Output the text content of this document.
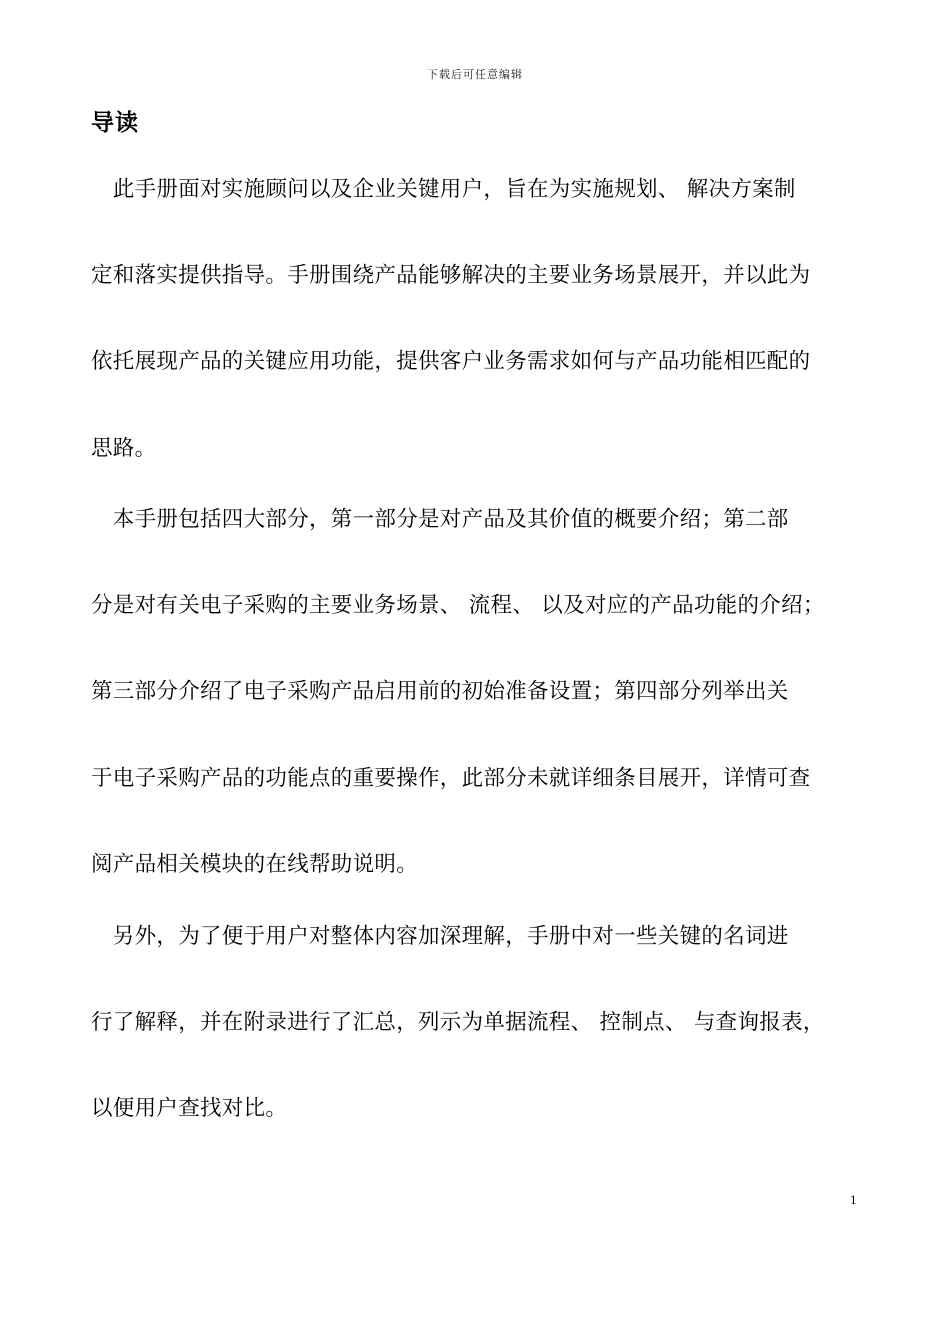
下载后可任意编辑
导读
　此手册面对实施顾问以及企业关键用户，旨在为实施规划、 解决方案制
定和落实提供指导。手册围绕产品能够解决的主要业务场景展开，并以此为
依托展现产品的关键应用功能，提供客户业务需求如何与产品功能相匹配的
思路。
　本手册包括四大部分，第一部分是对产品及其价值的概要介绍；第二部
分是对有关电子采购的主要业务场景、 流程、 以及对应的产品功能的介绍；
第三部分介绍了电子采购产品启用前的初始准备设置；第四部分列举出关
于电子采购产品的功能点的重要操作，此部分未就详细条目展开，详情可查
阅产品相关模块的在线帮助说明。
　另外，为了便于用户对整体内容加深理解，手册中对一些关键的名词进
行了解释，并在附录进行了汇总，列示为单据流程、 控制点、 与查询报表，
以便用户查找对比。
1
